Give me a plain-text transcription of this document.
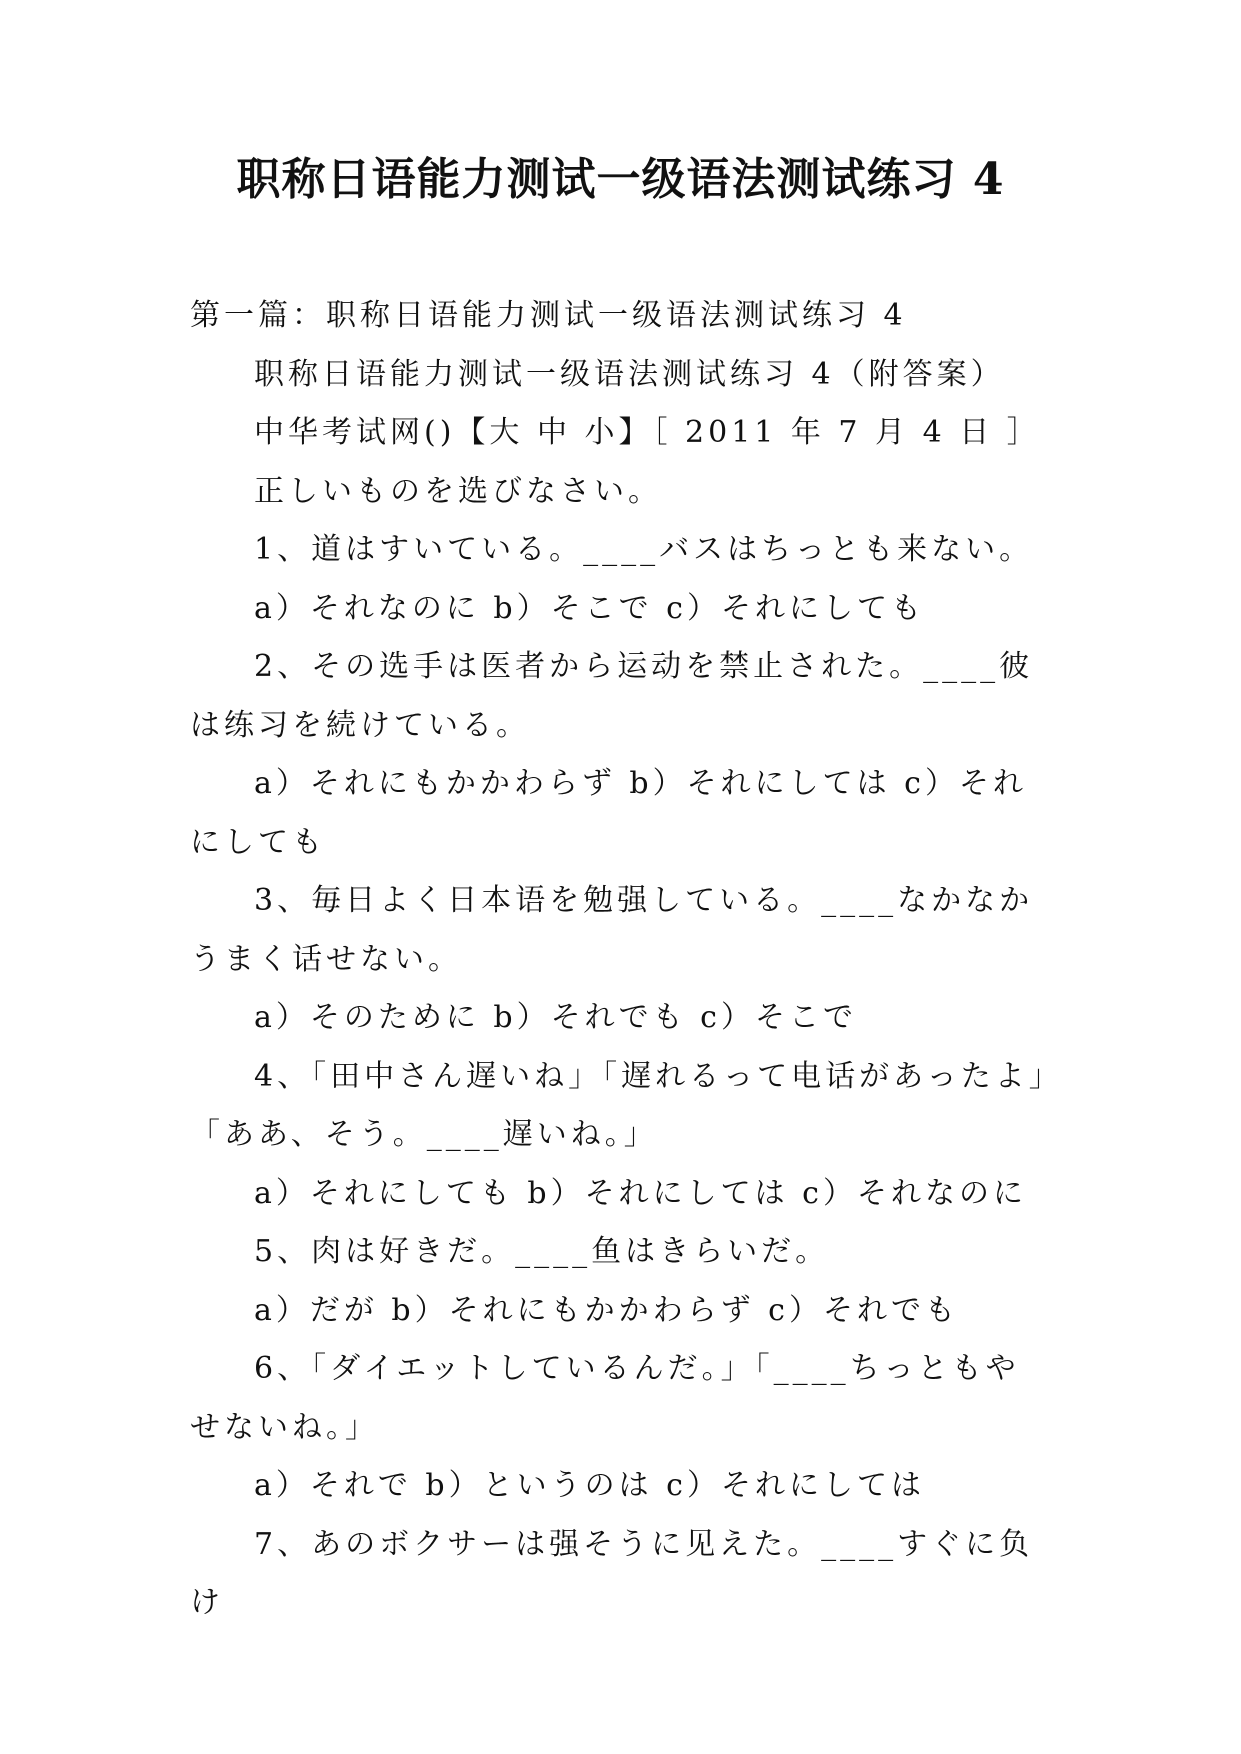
职称日语能力测试一级语法测试练习 4

第一篇：职称日语能力测试一级语法测试练习 4

职称日语能力测试一级语法测试练习 4（附答案）

中华考试网()【大 中 小】［ 2011 年 7 月 4 日 ］

正しいものを选びなさい。

1、道はすいている。____バスはちっとも来ない。

a）それなのに b）そこで c）それにしても

2、その选手は医者から运动を禁止された。____彼は练习を続けている。

a）それにもかかわらず b）それにしては c）それにしても

3、毎日よく日本语を勉强している。____なかなかうまく话せない。

a）そのために b）それでも c）そこで

4、「田中さん遅いね」「遅れるって电话があったよ」「ああ、そう。____遅いね。」

a）それにしても b）それにしては c）それなのに

5、肉は好きだ。____鱼はきらいだ。

a）だが b）それにもかかわらず c）それでも

6、「ダイエットしているんだ。」「____ちっともやせないね。」

a）それで b）というのは c）それにしては

7、あのボクサーは强そうに见えた。____すぐに负け
